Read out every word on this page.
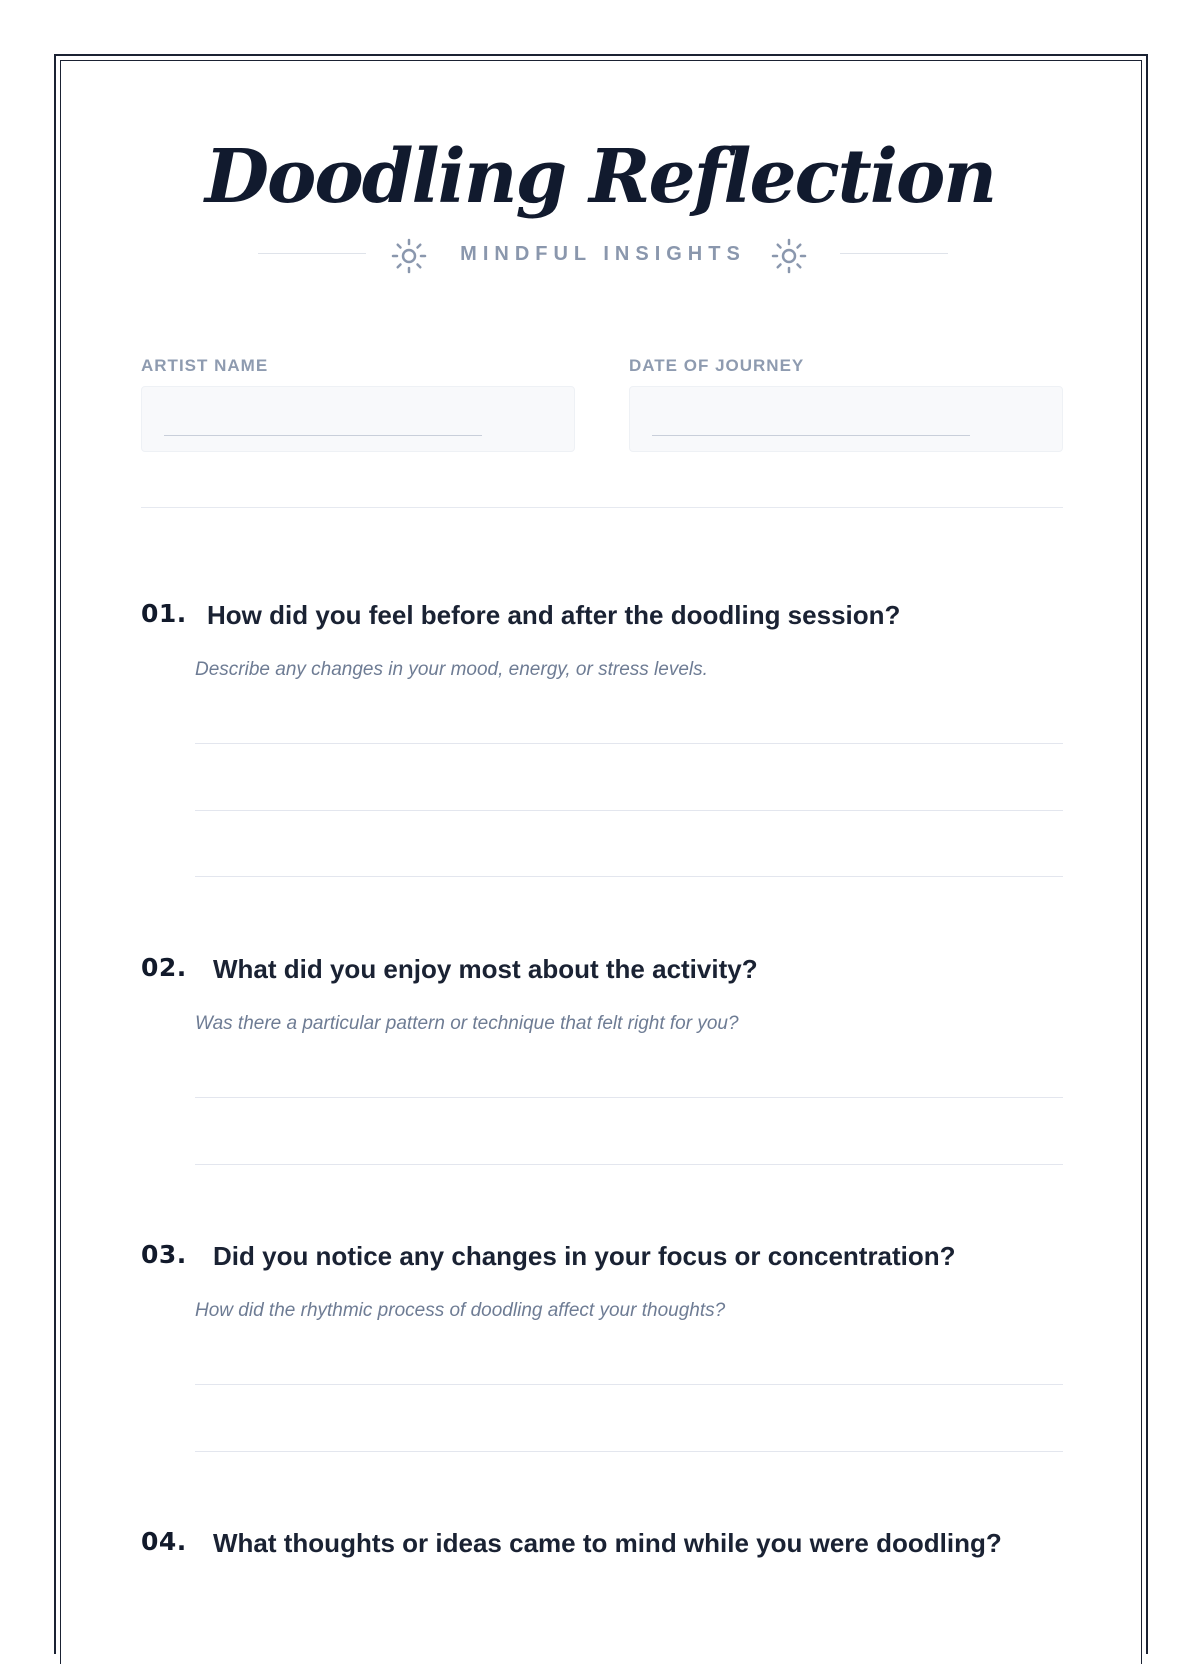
Doodling Reflection
MINDFUL INSIGHTS
ARTIST NAME	DATE OF JOURNEY
01. How did you feel before and after the doodling session?
Describe any changes in your mood, energy, or stress levels.
02. What did you enjoy most about the activity?
Was there a particular pattern or technique that felt right for you?
03. Did you notice any changes in your focus or concentration?
How did the rhythmic process of doodling affect your thoughts?
04. What thoughts or ideas came to mind while you were doodling?
